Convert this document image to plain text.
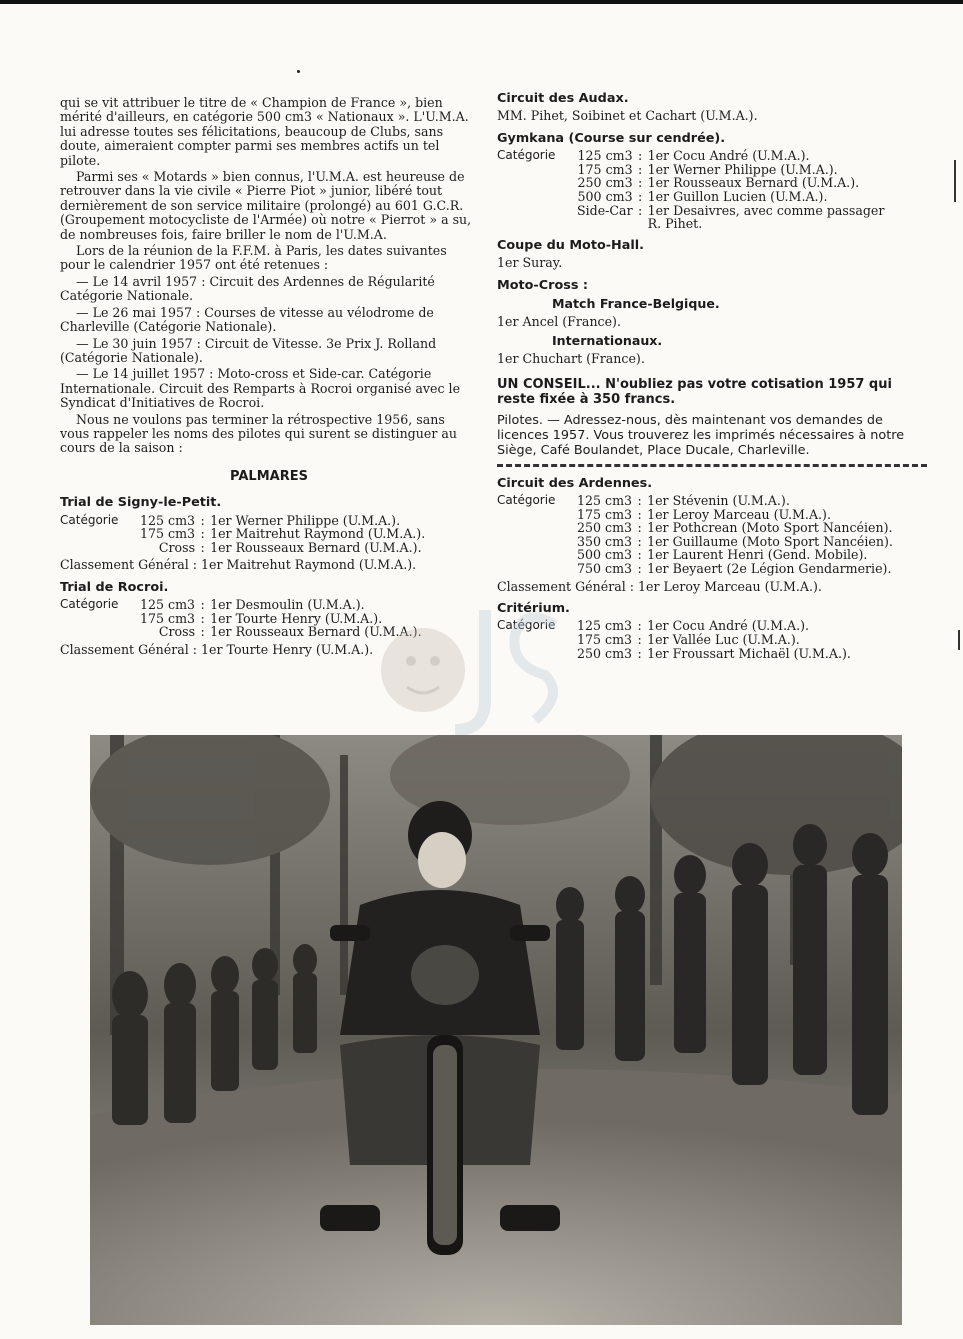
qui se vit attribuer le titre de « Champion de France », bien mérité d'ailleurs, en catégorie 500 cm3 « Nationaux ». L'U.M.A. lui adresse toutes ses félicitations, beaucoup de Clubs, sans doute, aimeraient compter parmi ses membres actifs un tel pilote.

Parmi ses « Motards » bien connus, l'U.M.A. est heureuse de retrouver dans la vie civile « Pierre Piot » junior, libéré tout dernièrement de son service militaire (prolongé) au 601 G.C.R. (Groupement motocycliste de l'Armée) où notre « Pierrot » a su, de nombreuses fois, faire briller le nom de l'U.M.A.

Lors de la réunion de la F.F.M. à Paris, les dates suivantes pour le calendrier 1957 ont été retenues :

— Le 14 avril 1957 : Circuit des Ardennes de Régularité Catégorie Nationale.

— Le 26 mai 1957 : Courses de vitesse au vélodrome de Charleville (Catégorie Nationale).

— Le 30 juin 1957 : Circuit de Vitesse. 3e Prix J. Rolland (Catégorie Nationale).

— Le 14 juillet 1957 : Moto-cross et Side-car. Catégorie Internationale. Circuit des Remparts à Rocroi organisé avec le Syndicat d'Initiatives de Rocroi.

Nous ne voulons pas terminer la rétrospective 1956, sans vous rappeler les noms des pilotes qui surent se distinguer au cours de la saison :

PALMARES
Trial de Signy-le-Petit.
Catégorie	125 cm3	:	1er Werner Philippe (U.M.A.).
	175 cm3	:	1er Maitrehut Raymond (U.M.A.).
	Cross	:	1er Rousseaux Bernard (U.M.A.).
Classement Général : 1er Maitrehut Raymond (U.M.A.).
Trial de Rocroi.
Catégorie	125 cm3	:	1er Desmoulin (U.M.A.).
	175 cm3	:	1er Tourte Henry (U.M.A.).
	Cross	:	1er Rousseaux Bernard (U.M.A.).
Classement Général : 1er Tourte Henry (U.M.A.).
Circuit des Audax.

MM. Pihet, Soibinet et Cachart (U.M.A.).

Gymkana (Course sur cendrée).
Catégorie	125 cm3	:	1er Cocu André (U.M.A.).
	175 cm3	:	1er Werner Philippe (U.M.A.).
	250 cm3	:	1er Rousseaux Bernard (U.M.A.).
	500 cm3	:	1er Guillon Lucien (U.M.A.).
	Side-Car	:	1er Desaivres, avec comme passager
			R. Pihet.
Coupe du Moto-Hall.

1er Suray.

Moto-Cross :
Match France-Belgique.

1er Ancel (France).

Internationaux.

1er Chuchart (France).

UN CONSEIL... N'oubliez pas votre cotisation 1957 qui reste fixée à 350 francs.

Pilotes. — Adressez-nous, dès maintenant vos demandes de licences 1957. Vous trouverez les imprimés nécessaires à notre Siège, Café Boulandet, Place Ducale, Charleville.

Circuit des Ardennes.
Catégorie	125 cm3	:	1er Stévenin (U.M.A.).
	175 cm3	:	1er Leroy Marceau (U.M.A.).
	250 cm3	:	1er Pothcrean (Moto Sport Nancéien).
	350 cm3	:	1er Guillaume (Moto Sport Nancéien).
	500 cm3	:	1er Laurent Henri (Gend. Mobile).
	750 cm3	:	1er Beyaert (2e Légion Gendarmerie).
Classement Général : 1er Leroy Marceau (U.M.A.).
Critérium.
Catégorie	125 cm3	:	1er Cocu André (U.M.A.).
	175 cm3	:	1er Vallée Luc (U.M.A.).
	250 cm3	:	1er Froussart Michaël (U.M.A.).
